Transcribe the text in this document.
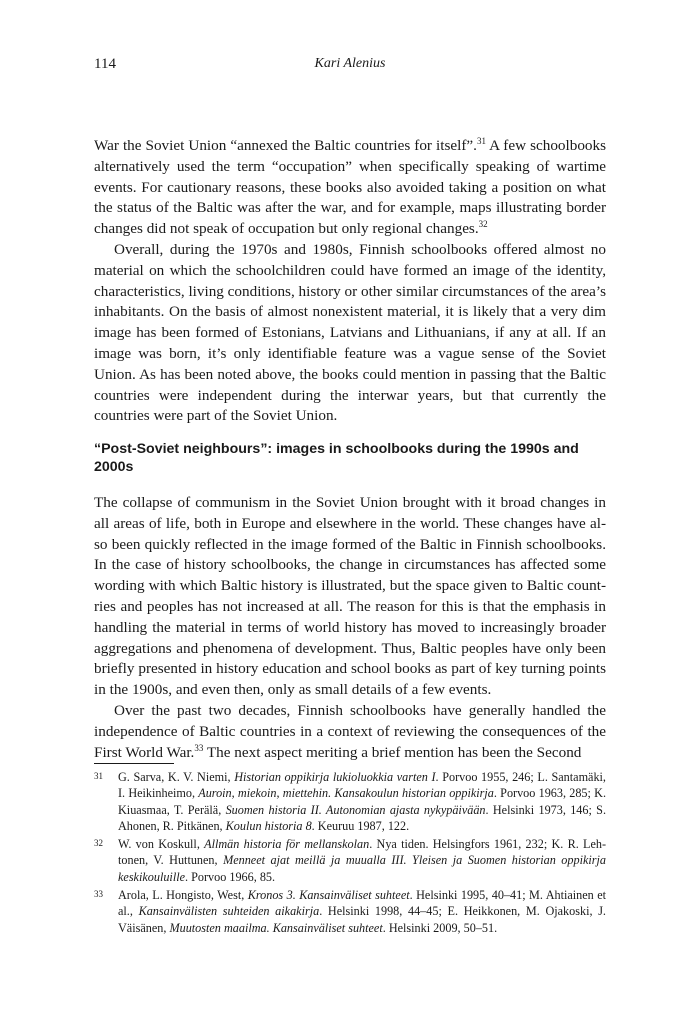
114	Kari Alenius

War the Soviet Union “annexed the Baltic countries for itself”.$^{31}$ A few schoolbooks alternatively used the term “occupation” when specifically speaking of wartime events. For cautionary reasons, these books also avoided taking a position on what the status of the Baltic was after the war, and for example, maps illustrating border changes did not speak of occupation but only regional changes.$^{32}$

Overall, during the 1970s and 1980s, Finnish schoolbooks offered almost no material on which the schoolchildren could have formed an image of the identity, characteristics, living conditions, history or other similar circumstances of the area’s inhabitants. On the basis of almost nonexistent material, it is likely that a very dim image has been formed of Estonians, Latvians and Lithuanians, if any at all. If an image was born, it’s only identifiable feature was a vague sense of the Soviet Union. As has been noted above, the books could mention in passing that the Baltic countries were independent during the interwar years, but that currently the countries were part of the Soviet Union.

“Post-Soviet neighbours”: images in schoolbooks during the 1990s and 2000s

The collapse of communism in the Soviet Union brought with it broad changes in all areas of life, both in Europe and elsewhere in the world. These changes have also been quickly reflected in the image formed of the Baltic in Finnish schoolbooks. In the case of history schoolbooks, the change in circumstances has affected some wording with which Baltic history is illustrated, but the space given to Baltic countries and peoples has not increased at all. The reason for this is that the emphasis in handling the material in terms of world history has moved to increasingly broader aggregations and phenomena of development. Thus, Baltic peoples have only been briefly presented in history education and school books as part of key turning points in the 1900s, and even then, only as small details of a few events.

Over the past two decades, Finnish schoolbooks have generally handled the independence of Baltic countries in a context of reviewing the consequences of the First World War.$^{33}$ The next aspect meriting a brief mention has been the Second

31 G. Sarva, K. V. Niemi, Historian oppikirja lukioluokkia varten I. Porvoo 1955, 246; L. Santamäki, I. Heikinheimo, Auroin, miekoin, miettehin. Kansakoulun historian oppikirja. Porvoo 1963, 285; K. Kiuasmaa, T. Perälä, Suomen historia II. Autonomian ajasta nykypäivään. Helsinki 1973, 146; S. Ahonen, R. Pitkänen, Koulun historia 8. Keuruu 1987, 122.
32 W. von Koskull, Allmän historia för mellanskolan. Nya tiden. Helsingfors 1961, 232; K. R. Lehtonen, V. Huttunen, Menneet ajat meillä ja muualla III. Yleisen ja Suomen historian oppikirja keskikouluille. Porvoo 1966, 85.
33 Arola, L. Hongisto, West, Kronos 3. Kansainväliset suhteet. Helsinki 1995, 40–41; M. Ahtiainen et al., Kansainvälisten suhteiden aikakirja. Helsinki 1998, 44–45; E. Heikkonen, M. Ojakoski, J. Väisänen, Muutosten maailma. Kansainväliset suhteet. Helsinki 2009, 50–51.
